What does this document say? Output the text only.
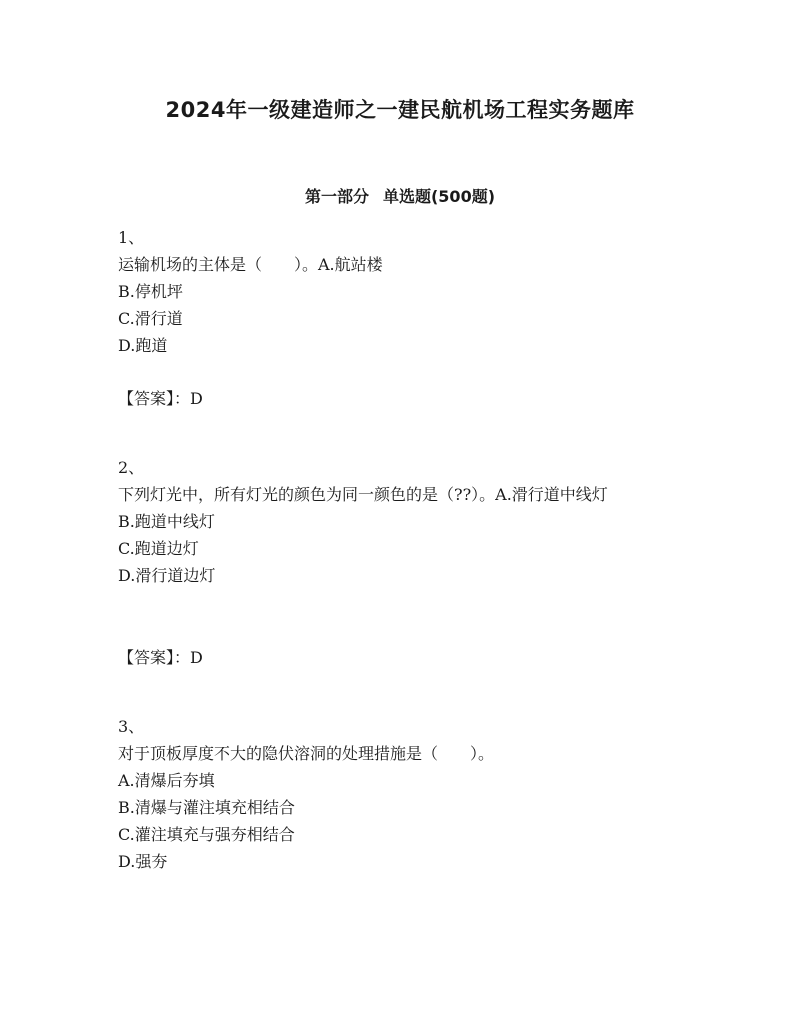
2024年一级建造师之一建民航机场工程实务题库
第一部分 单选题(500题)
1、
运输机场的主体是（　　）。A.航站楼
B.停机坪
C.滑行道
D.跑道
【答案】：D
2、
下列灯光中，所有灯光的颜色为同一颜色的是（??）。A.滑行道中线灯
B.跑道中线灯
C.跑道边灯
D.滑行道边灯
【答案】：D
3、
对于顶板厚度不大的隐伏溶洞的处理措施是（　　）。
A.清爆后夯填
B.清爆与灌注填充相结合
C.灌注填充与强夯相结合
D.强夯
